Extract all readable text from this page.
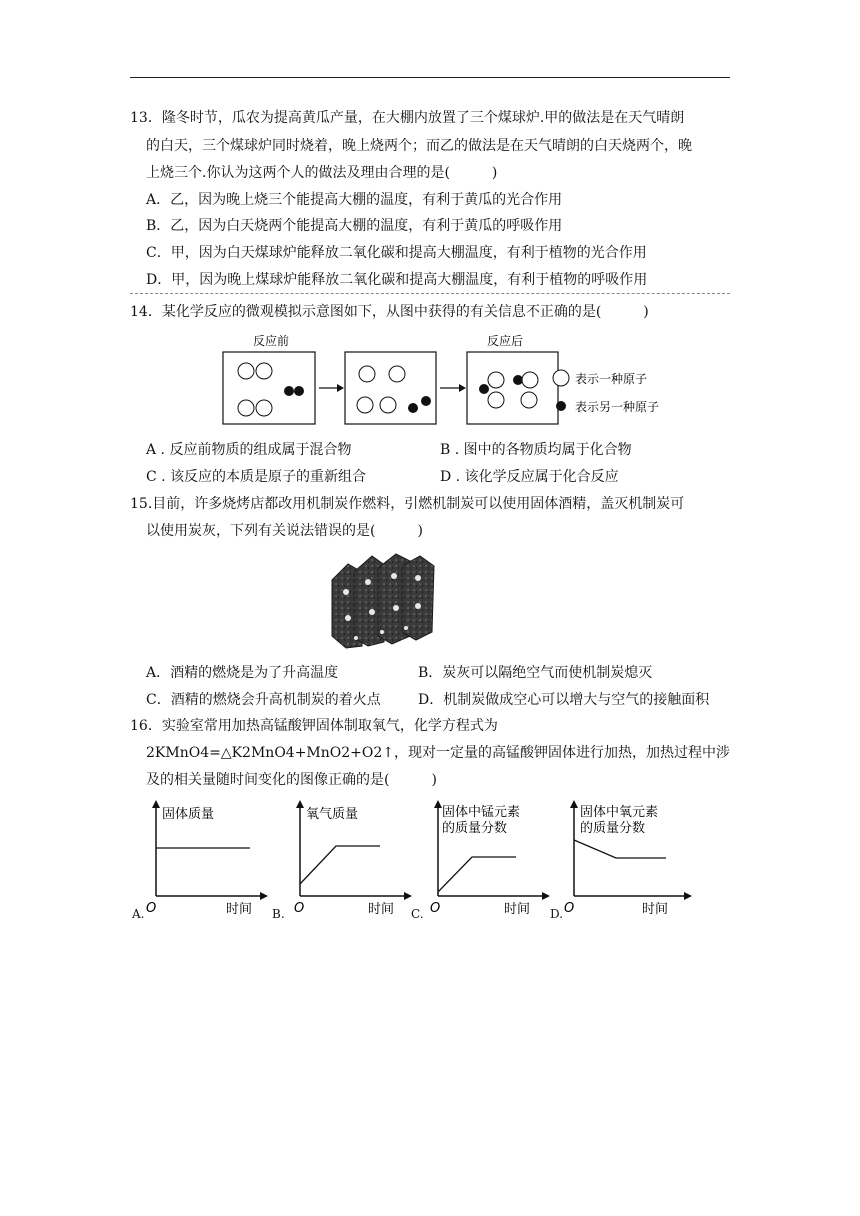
13．隆冬时节，瓜农为提高黄瓜产量，在大棚内放置了三个煤球炉.甲的做法是在天气晴朗
的白天，三个煤球炉同时烧着，晚上烧两个；而乙的做法是在天气晴朗的白天烧两个，晚
上烧三个.你认为这两个人的做法及理由合理的是(　　　)
A．乙，因为晚上烧三个能提高大棚的温度，有利于黄瓜的光合作用
B．乙，因为白天烧两个能提高大棚的温度，有利于黄瓜的呼吸作用
C．甲，因为白天煤球炉能释放二氧化碳和提高大棚温度，有利于植物的光合作用
D．甲，因为晚上煤球炉能释放二氧化碳和提高大棚温度，有利于植物的呼吸作用
14．某化学反应的微观模拟示意图如下，从图中获得的有关信息不正确的是(　　　)
反应前	反应后
表示一种原子
表示另一种原子
A . 反应前物质的组成属于混合物	B . 图中的各物质均属于化合物
C . 该反应的本质是原子的重新组合	D . 该化学反应属于化合反应
15.目前，许多烧烤店都改用机制炭作燃料，引燃机制炭可以使用固体酒精，盖灭机制炭可
以使用炭灰，下列有关说法错误的是(　　　)
A．酒精的燃烧是为了升高温度	B．炭灰可以隔绝空气而使机制炭熄灭
C．酒精的燃烧会升高机制炭的着火点	D．机制炭做成空心可以增大与空气的接触面积
16．实验室常用加热高锰酸钾固体制取氧气，化学方程式为
2KMnO4=△K2MnO4+MnO2+O2↑，现对一定量的高锰酸钾固体进行加热，加热过程中涉
及的相关量随时间变化的图像正确的是(　　　)
A.
固体质量
O	时间 B.
氧气质量
O	时间 C.
固体中锰元素
的质量分数
O	时间 D.
固体中氧元素
的质量分数
O	时间
